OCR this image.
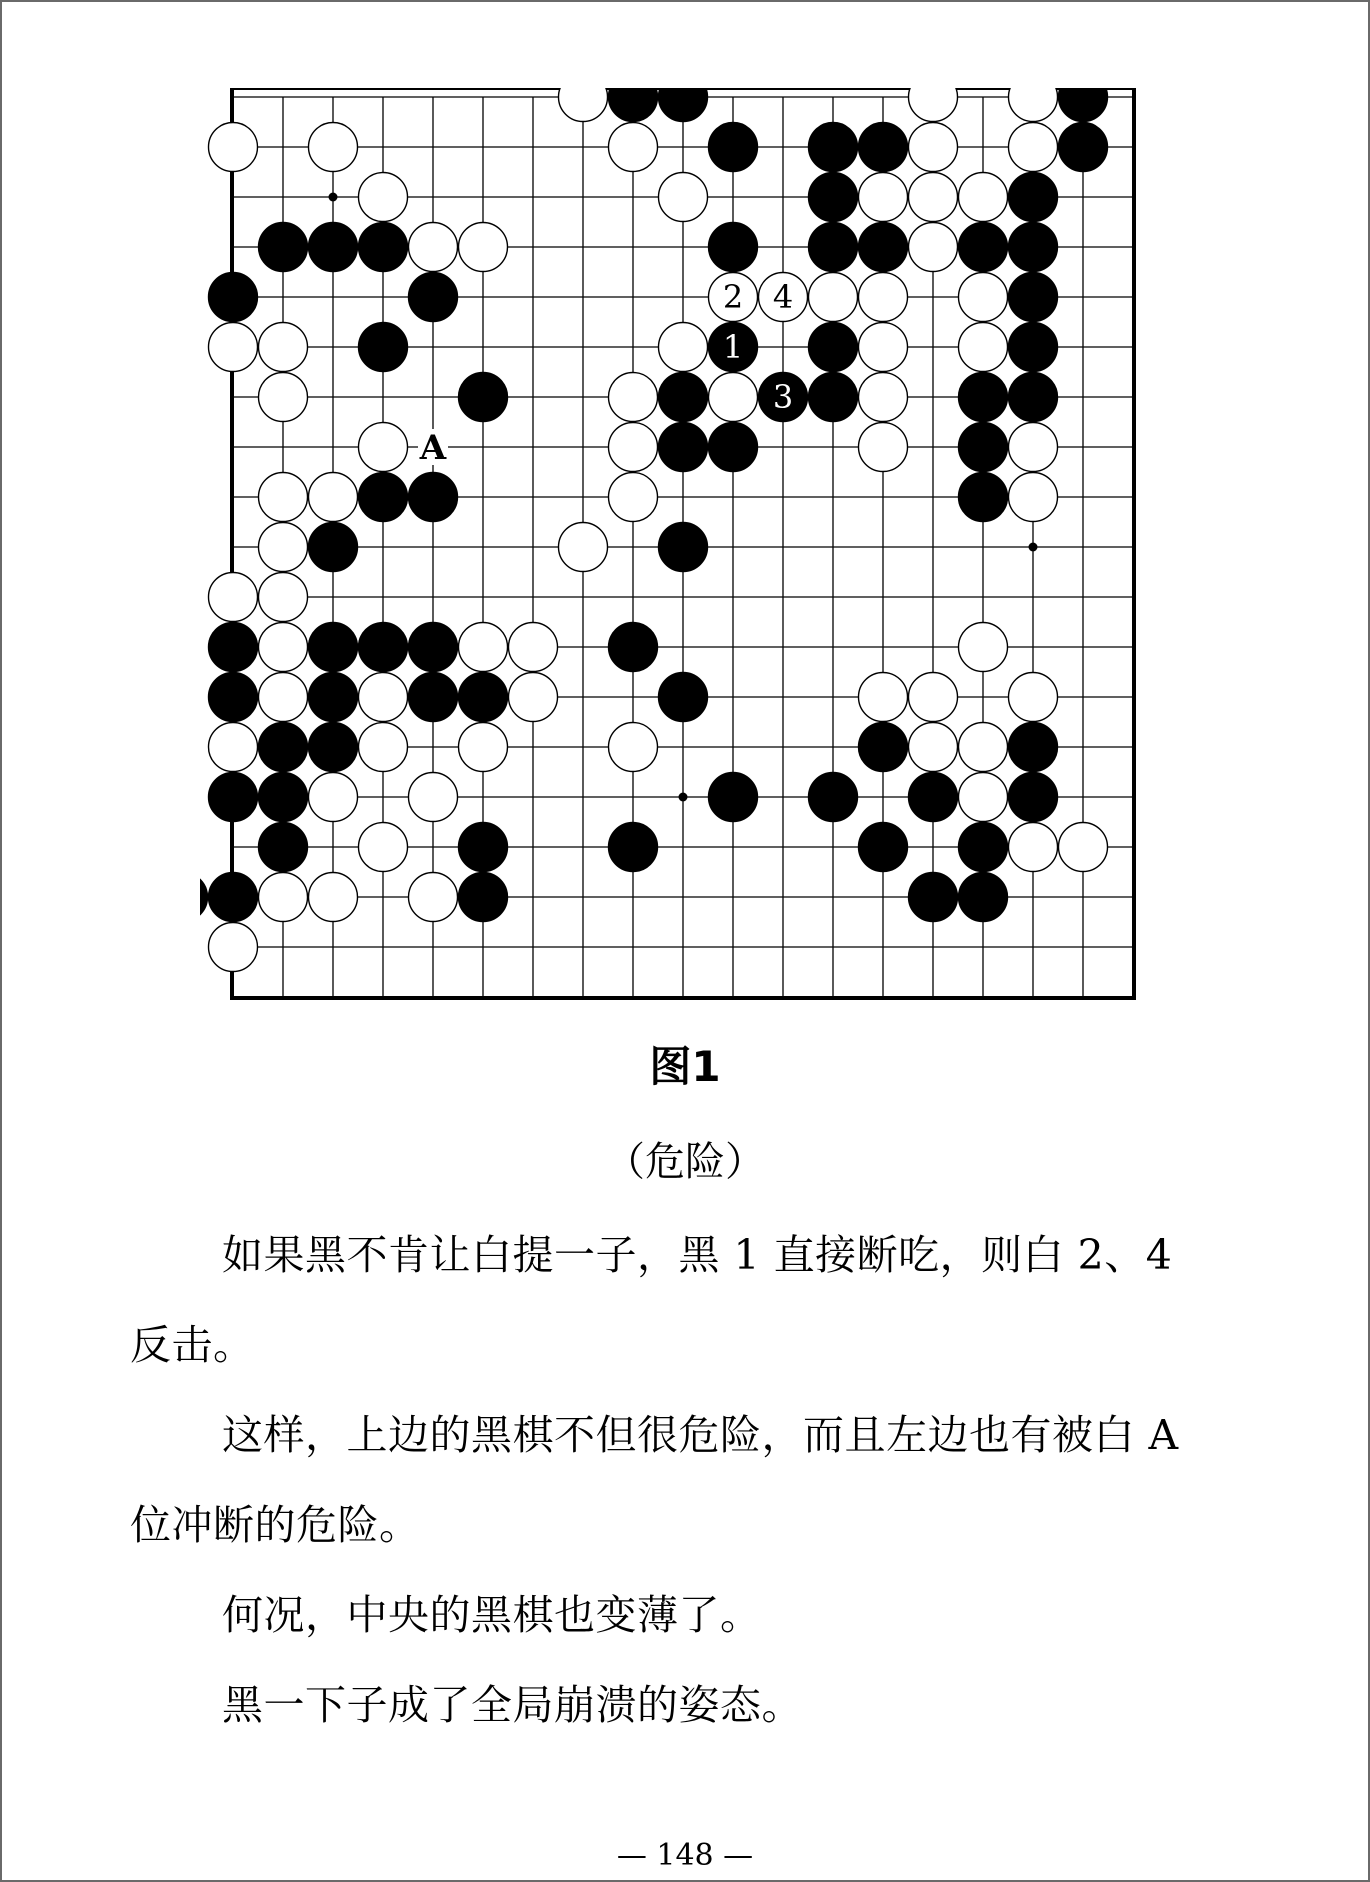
1
2
3
4
A
图1
（危险）
如果黑不肯让白提一子，黑 1 直接断吃，则白 2、4
反击。
这样，上边的黑棋不但很危险，而且左边也有被白 A
位冲断的危险。
何况，中央的黑棋也变薄了。
黑一下子成了全局崩溃的姿态。
— 148 —
